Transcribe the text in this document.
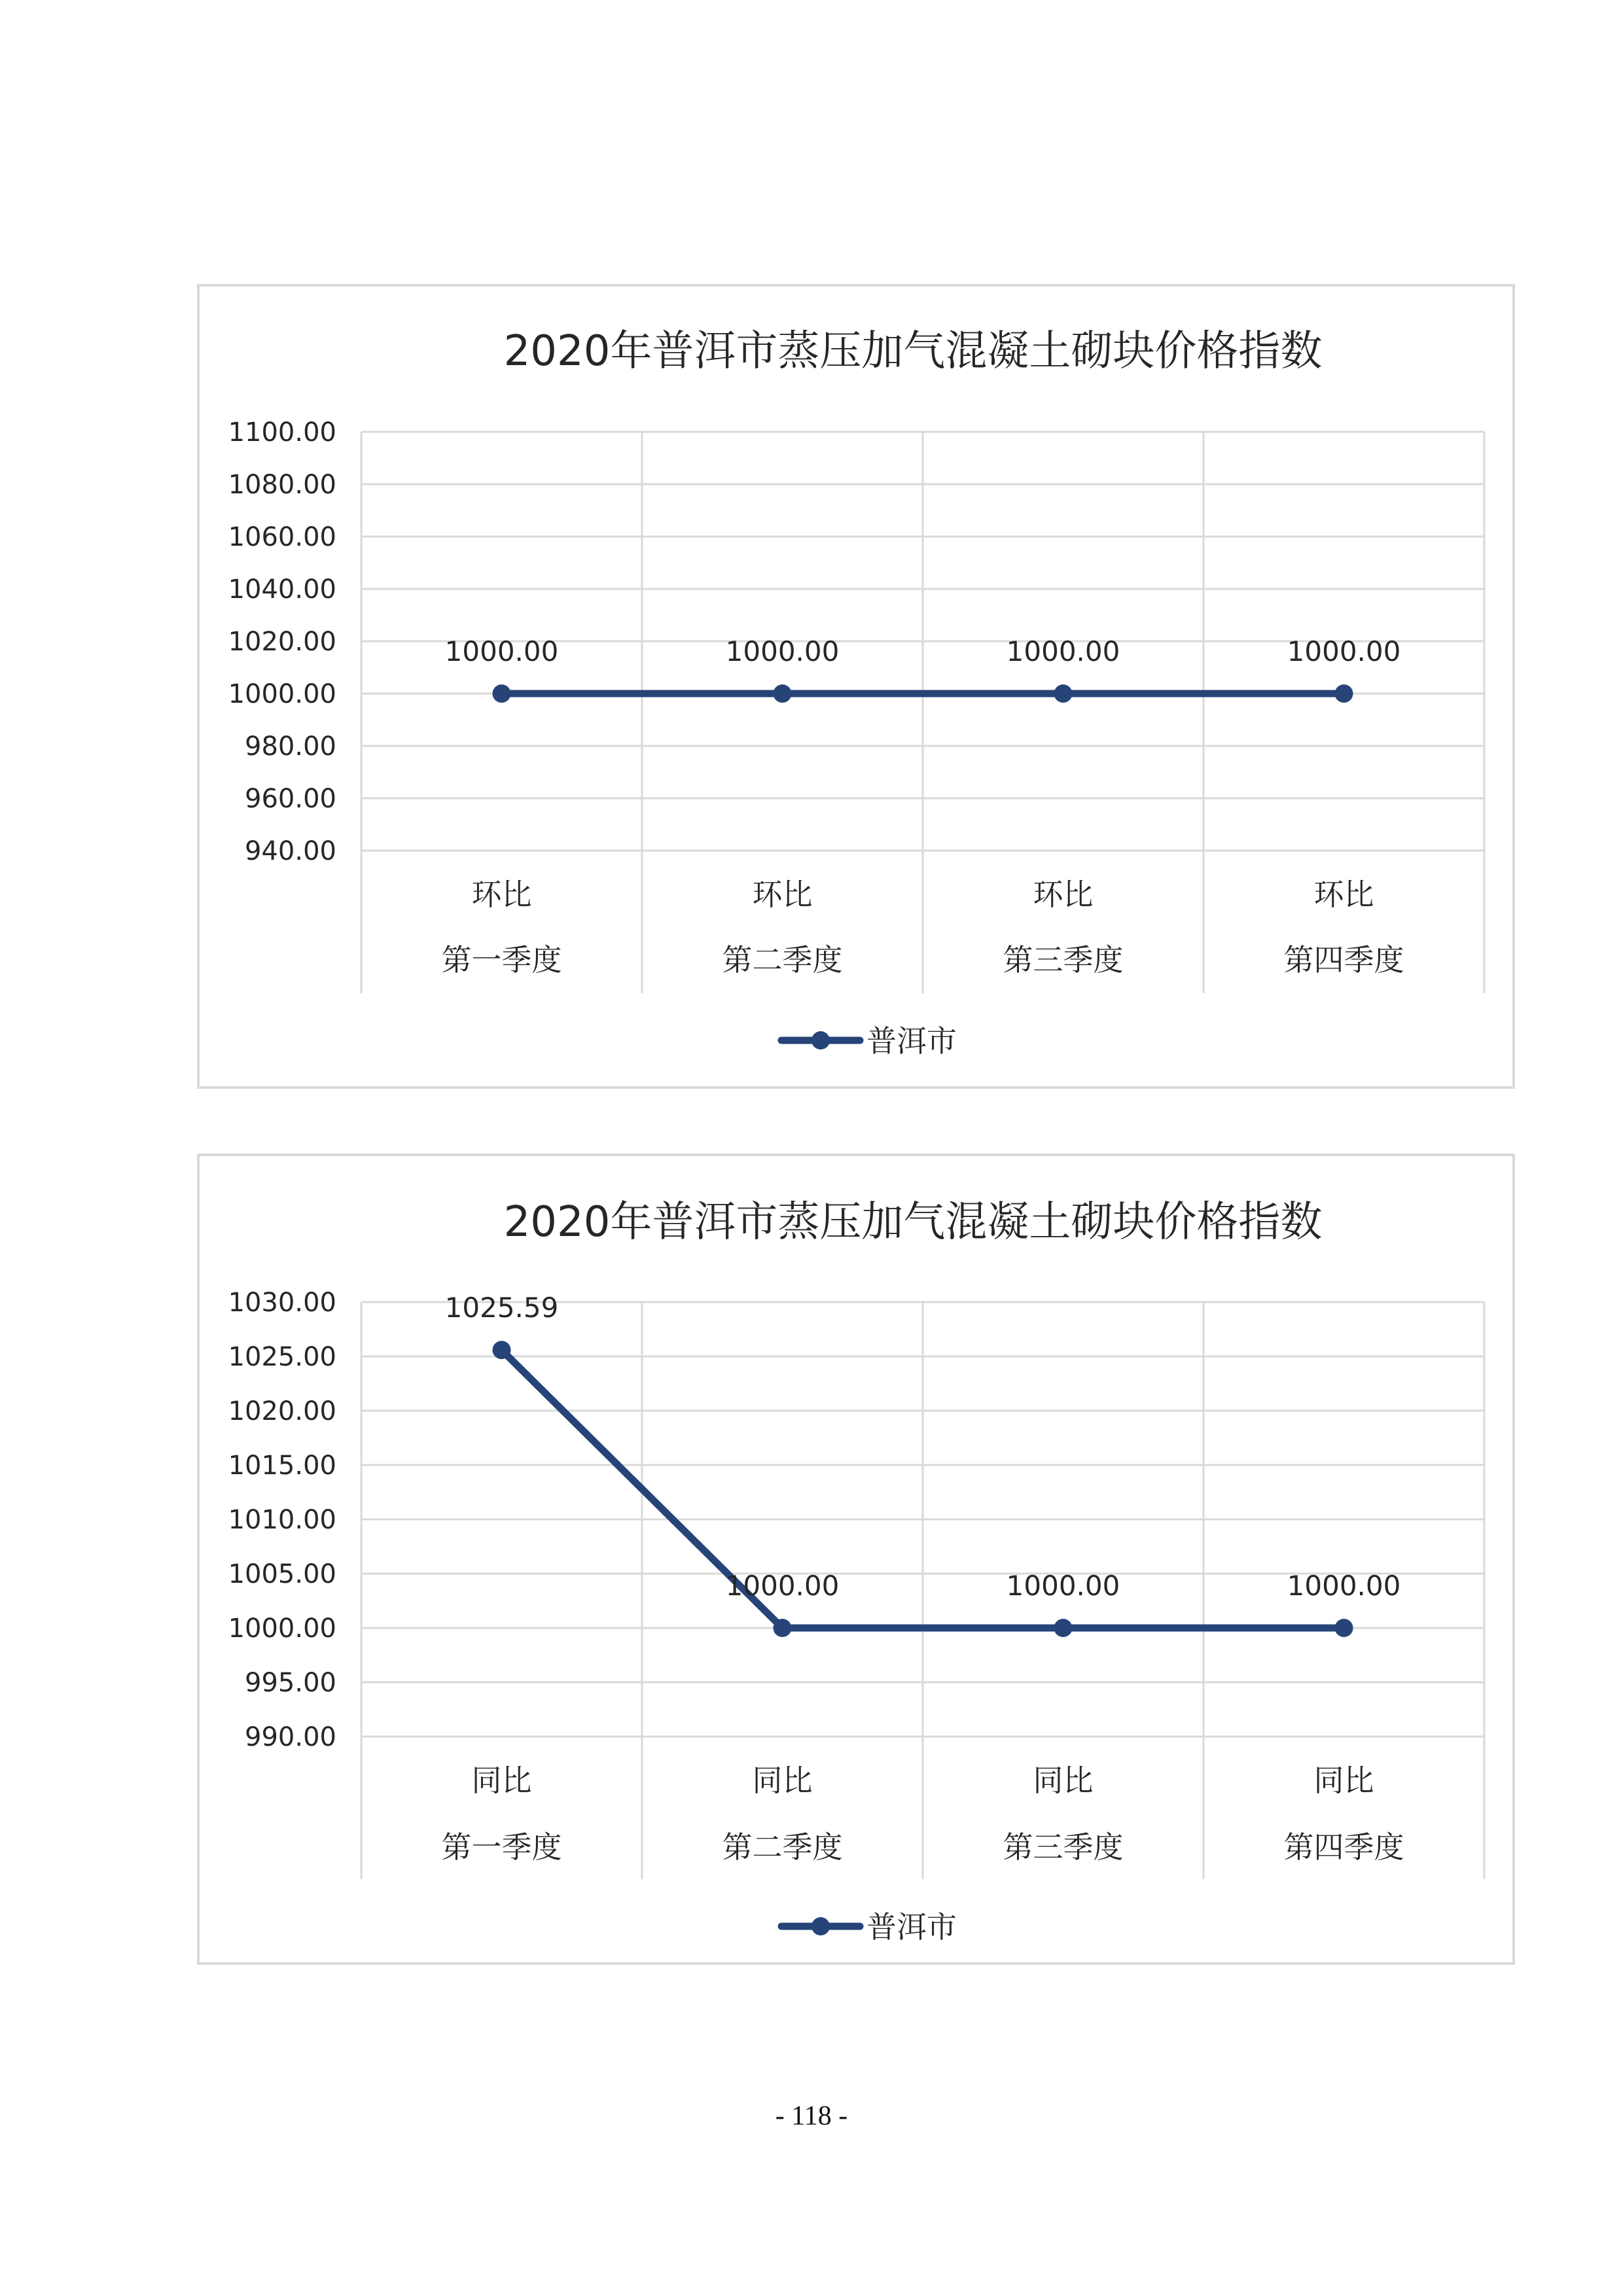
2020年普洱市蒸压加气混凝土砌块价格指数
1100.00
1080.00
1060.00
1040.00
1020.00
1000.00
980.00
960.00
940.00
环比
第一季度
环比
第二季度
环比
第三季度
环比
第四季度
1000.00	1000.00	1000.00	1000.00
普洱市
2020年普洱市蒸压加气混凝土砌块价格指数
1030.00
1025.00
1020.00
1015.00
1010.00
1005.00
1000.00
995.00
990.00
同比
第一季度
同比
第二季度
同比
第三季度
同比
第四季度
1025.59
1000.00	1000.00	1000.00
普洱市
- 118 -
